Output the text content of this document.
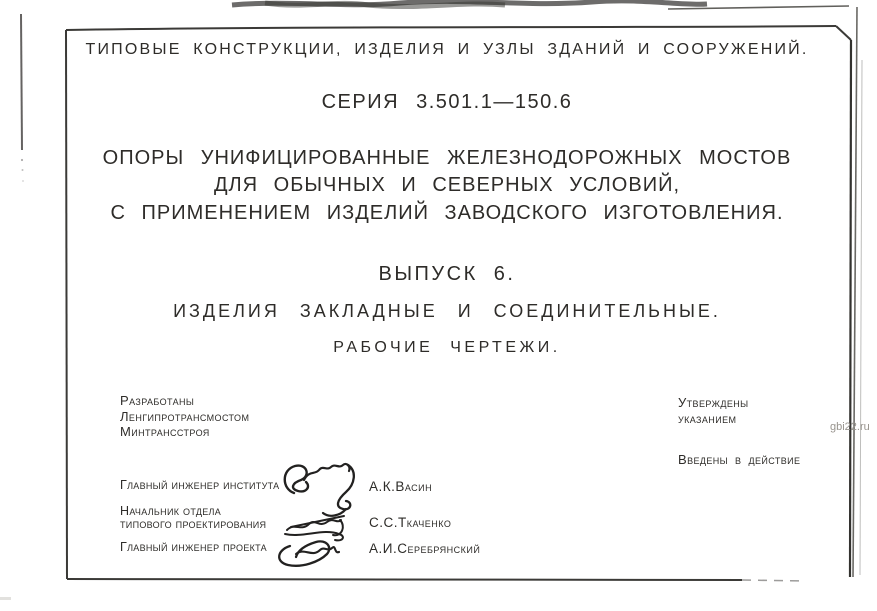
ТИПОВЫЕ КОНСТРУКЦИИ, ИЗДЕЛИЯ И УЗЛЫ ЗДАНИЙ И СООРУЖЕНИЙ.
СЕРИЯ 3.501.1—150.6
ОПОРЫ УНИФИЦИРОВАННЫЕ ЖЕЛЕЗНОДОРОЖНЫХ МОСТОВ
ДЛЯ ОБЫЧНЫХ И СЕВЕРНЫХ УСЛОВИЙ,
С ПРИМЕНЕНИЕМ ИЗДЕЛИЙ ЗАВОДСКОГО ИЗГОТОВЛЕНИЯ.
ВЫПУСК 6.
ИЗДЕЛИЯ ЗАКЛАДНЫЕ И СОЕДИНИТЕЛЬНЫЕ.
РАБОЧИЕ ЧЕРТЕЖИ.
Разработаны
Ленгипротрансмостом
Минтрансстроя
Утверждены
указанием
Введены в действие
gbi22.ru
Главный инженер института	А.К.Васин
Начальник отдела
типового проектирования	С.С.Ткаченко
Главный инженер проекта	А.И.Серебрянский
